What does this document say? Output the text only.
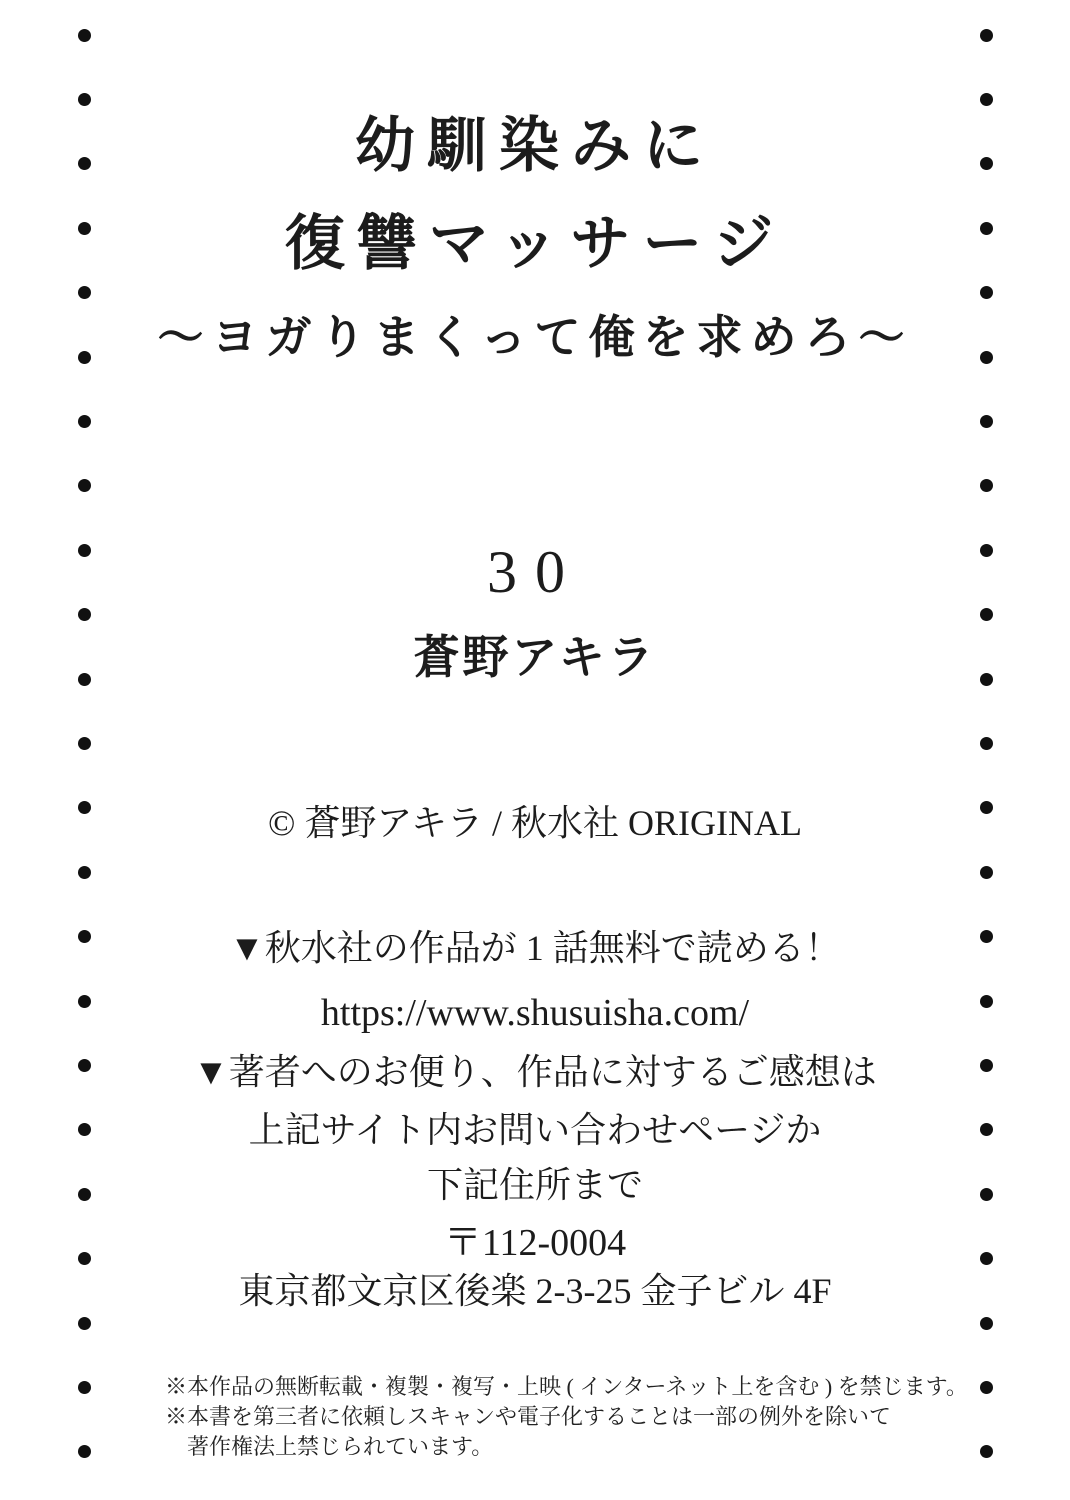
幼馴染みに
復讐マッサージ
～ヨガりまくって俺を求めろ～
30
蒼野アキラ
© 蒼野アキラ / 秋水社 ORIGINAL
▼秋水社の作品が 1 話無料で読める！
https://www.shusuisha.com/
▼著者へのお便り、作品に対するご感想は
上記サイト内お問い合わせページか
下記住所まで
〒112-0004
東京都文京区後楽 2-3-25 金子ビル 4F
※本作品の無断転載・複製・複写・上映 ( インターネット上を含む ) を禁じます。
※本書を第三者に依頼しスキャンや電子化することは一部の例外を除いて
著作権法上禁じられています。
